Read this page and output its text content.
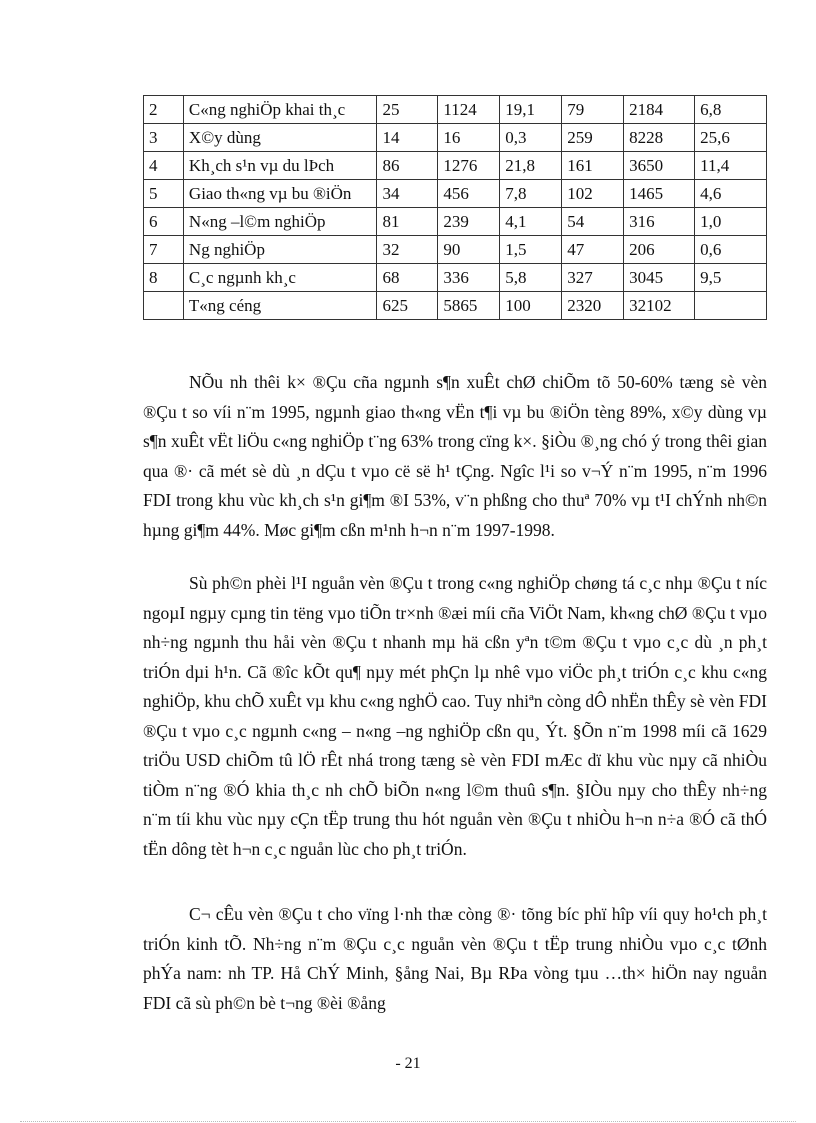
2	C«ng nghiÖp khai th¸c	25	1124	19,1	79	2184	6,8
3	X©y dùng	14	16	0,3	259	8228	25,6
4	Kh¸ch s¹n vµ du lÞch	86	1276	21,8	161	3650	11,4
5	Giao th«ng vµ bu ®iÖn	34	456	7,8	102	1465	4,6
6	N«ng –l©m nghiÖp	81	239	4,1	54	316	1,0
7	Ng nghiÖp	32	90	1,5	47	206	0,6
8	C¸c ngµnh kh¸c	68	336	5,8	327	3045	9,5
	T«ng céng	625	5865	100	2320	32102	

NÕu nh thêi k× ®Çu cña ngµnh s¶n xuÊt chØ chiÕm tõ 50-60% tæng sè vèn ®Çu t so víi n¨m 1995, ngµnh giao th«ng vËn t¶i vµ bu ®iÖn tèng 89%, x©y dùng vµ s¶n xuÊt vËt liÖu c«ng nghiÖp t¨ng 63% trong cïng k×. §iÒu ®¸ng chó ý trong thêi gian qua ®· cã mét sè dù ¸n dÇu t vµo cë së h¹ tÇng. Ngîc l¹i so v¬Ý n¨m 1995, n¨m 1996 FDI trong khu vùc kh¸ch s¹n gi¶m ®I 53%, v¨n phßng cho thuª 70% vµ t¹I chÝnh nh©n hµng gi¶m 44%. Møc gi¶m cßn m¹nh h¬n n¨m 1997-1998.

Sù ph©n phèi l¹I nguån vèn ®Çu t trong c«ng nghiÖp chøng tá c¸c nhµ ®Çu t níc ngoµI ngµy cµng tin tëng vµo tiÕn tr×nh ®æi míi cña ViÖt Nam, kh«ng chØ ®Çu t vµo nh÷ng ngµnh thu håi vèn ®Çu t nhanh mµ hä cßn yªn t©m ®Çu t vµo c¸c dù ¸n ph¸t triÓn dµi h¹n. Cã ®îc kÕt qu¶ nµy mét phÇn lµ nhê vµo viÖc ph¸t triÓn c¸c khu c«ng nghiÖp, khu chÕ xuÊt vµ khu c«ng nghÖ cao. Tuy nhiªn còng dÔ nhËn thÊy sè vèn FDI ®Çu t vµo c¸c ngµnh c«ng – n«ng –ng nghiÖp cßn qu¸ Ýt. §Õn n¨m 1998 míi cã 1629 triÖu USD chiÕm tû lÖ rÊt nhá trong tæng sè vèn FDI mÆc dï khu vùc nµy cã nhiÒu tiÒm n¨ng ®Ó khia th¸c nh chÕ biÕn n«ng l©m thuû s¶n. §IÒu nµy cho thÊy nh÷ng n¨m tíi khu vùc nµy cÇn tËp trung thu hót nguån vèn ®Çu t nhiÒu h¬n n÷a ®Ó cã thÓ tËn dông tèt h¬n c¸c nguån lùc cho ph¸t triÓn.

C¬ cÊu vèn ®Çu t cho vïng l·nh thæ còng ®· tõng bíc phï hîp víi quy ho¹ch ph¸t triÓn kinh tÕ. Nh÷ng n¨m ®Çu c¸c nguån vèn ®Çu t tËp trung nhiÒu vµo c¸c tØnh phÝa nam: nh TP. Hå ChÝ Minh, §ång Nai, Bµ RÞa vòng tµu …th× hiÖn nay nguån FDI cã sù ph©n bè t¬ng ®èi ®ång

- 21
